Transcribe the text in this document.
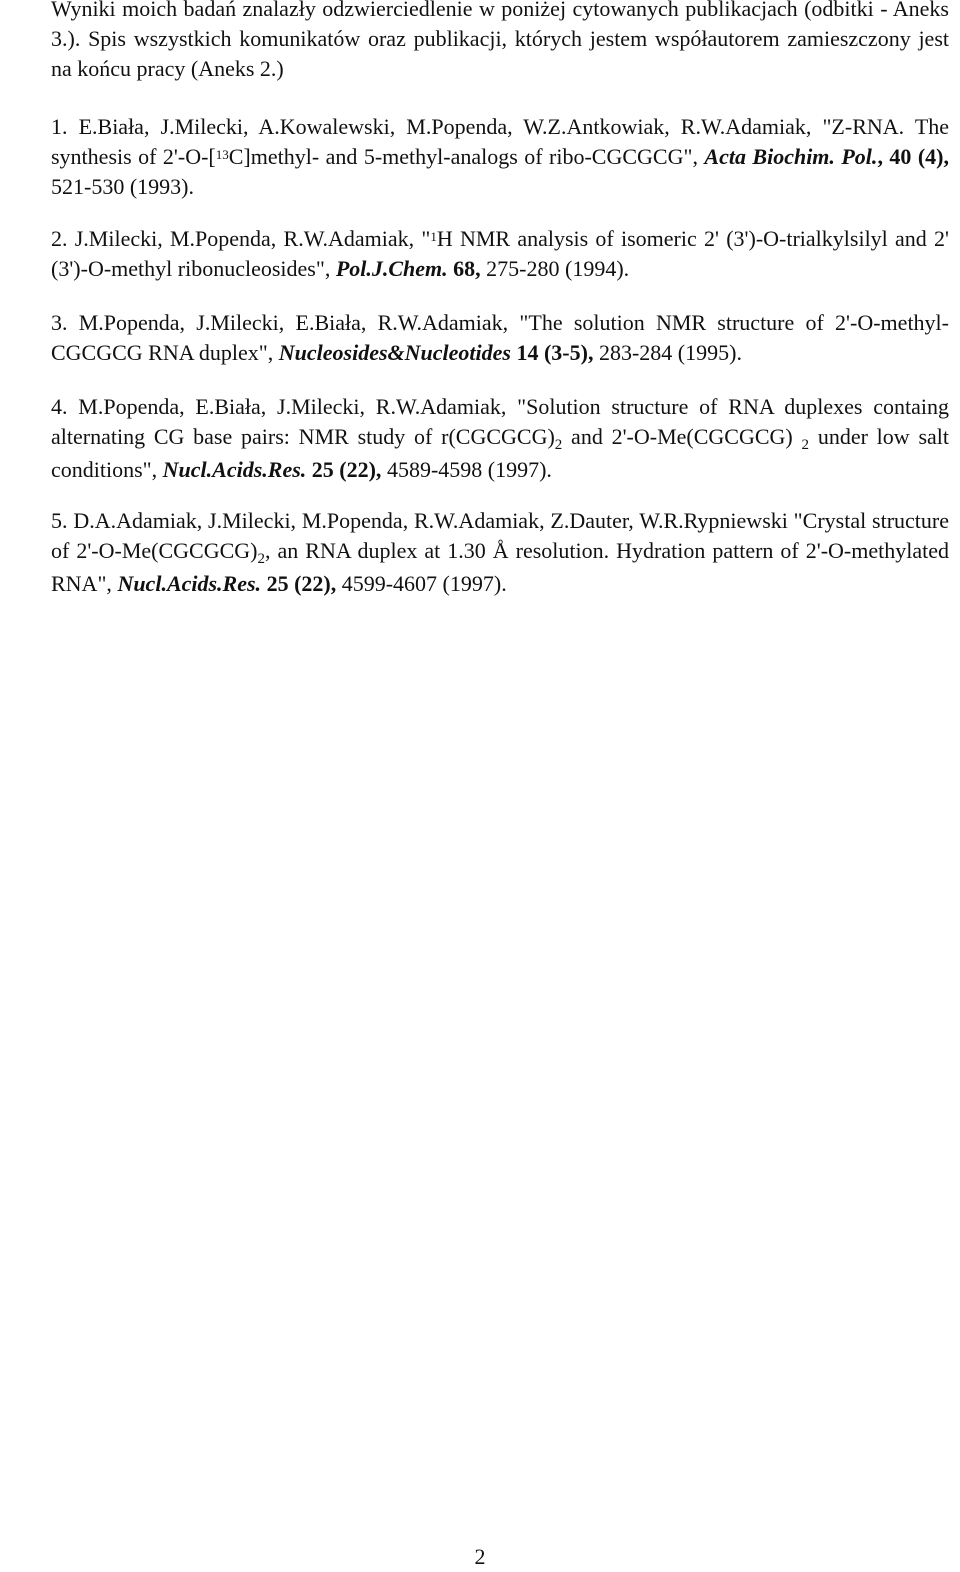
Wyniki moich badań znalazły odzwierciedlenie w poniżej cytowanych publikacjach (odbitki - Aneks 3.). Spis wszystkich komunikatów oraz publikacji, których jestem współautorem zamieszczony jest na końcu pracy (Aneks 2.)
1. E.Biała, J.Milecki, A.Kowalewski, M.Popenda, W.Z.Antkowiak, R.W.Adamiak, "Z-RNA. The synthesis of 2'-O-[$^{13}$C]methyl- and 5-methyl-analogs of ribo-CGCGCG", Acta Biochim. Pol., 40 (4), 521-530 (1993).
2. J.Milecki, M.Popenda, R.W.Adamiak, "$^1$H NMR analysis of isomeric 2' (3')-O-trialkylsilyl and 2' (3')-O-methyl ribonucleosides", Pol.J.Chem. 68, 275-280 (1994).
3. M.Popenda, J.Milecki, E.Biała, R.W.Adamiak, "The solution NMR structure of 2'-O-methyl-CGCGCG RNA duplex", Nucleosides&Nucleotides 14 (3-5), 283-284 (1995).
4. M.Popenda, E.Biała, J.Milecki, R.W.Adamiak, "Solution structure of RNA duplexes containg alternating CG base pairs: NMR study of $r(CGCGCG)_2$ and 2'-O-Me(CGCGCG) $_2$ under low salt conditions", Nucl.Acids.Res. 25 (22), 4589-4598 (1997).
5. D.A.Adamiak, J.Milecki, M.Popenda, R.W.Adamiak, Z.Dauter, W.R.Rypniewski "Crystal structure of $2'-O-Me(CGCGCG)_2$, an RNA duplex at 1.30 Å resolution. Hydration pattern of 2'-O-methylated RNA", Nucl.Acids.Res. 25 (22), 4599-4607 (1997).
2
